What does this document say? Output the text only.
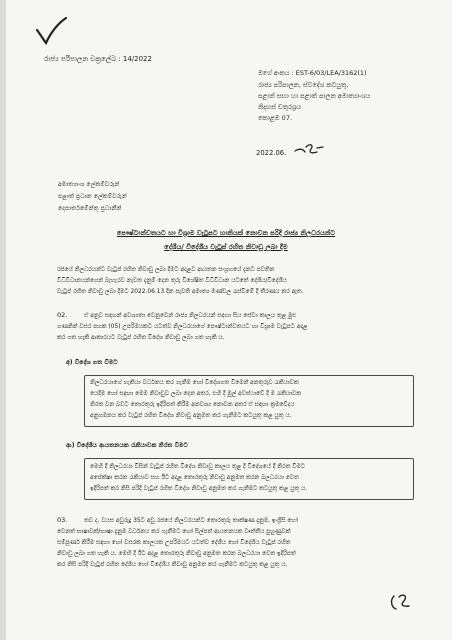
රාජ්‍ය පරිපාලන චක්‍රලේඛ : 14/2022
මගේ අංකය : EST-6/03/LEA/3162(1)
රාජ්‍ය පරිපාලන, ස්වදේශ කටයුතු,
පළාත් සභා හා පළාත් පාලන අමාත්‍යාංශය
නිදහස් චතුරශ්‍රය
කොළඹ 07.
2022.06.
අමාත්‍යාංශ ලේකම්වරුන්
පළාත් ප්‍රධාන ලේකම්වරුන්
දෙපාර්තමේන්තු ප්‍රධානීන්
පෞෂ්ටාන්වතයට හා විශ්‍රාම වැටුපට හානියක් නොවන පරිදි රාජ්‍ය නිලධරයන්ට
දේශීය/ විදේශීය වැටුප් රහිත නිවාඩු ලබා දීම
රජයේ නිලධරයන්ට වැටුප් රහිත නිවාඩු ලබා දීමට අදාළව ආයතන සංග්‍රහයේ දැනට පවතින
විධිවිධානයන්ගෙන් බැහැරව නැවත දැනුම් දෙන තුරු විශේෂිත විධිවිධාන යටතේ දේශීය/විදේශීය
වැටුප් රහිත නිවාඩු ලබා දීමට 2022.06.13 දින පැවති අමාත්‍ය මණ්ඩල රැස්වීමේ දී තීරණය කර ඇත.
02.	ඒ අනුව සඳහන් අවශ්‍යතා වෙනුවෙන් රාජ්‍ය නිලධරයන් සඳහා සිය සේවා කාලය තුළ මුළු
ගණනින් වසර පහක (05) උපරිමයකට යටත්ව නිලධරයාගේ පෞෂ්ටාන්වතයට හා විශ්‍රාම වැටුපට අදාළ
කර ගත හැකි ආකාරයට වැටුප් රහිත විදේශ නිවාඩු ලබා ගත හැකි ය.
අ) විදේශ ගත වීමට
නිලධරයාගේ හැකියා වර්ධනය කර ගැනීම හෝ විදේශගත වීමෙන් අනතුරුව රැකියාවක
යෙදීම හෝ සඳහා මෙම නිවාඩුව ලබා දෙන අතර, එහි දී මුල් අවස්ථාවේ දී ම රැකියාවක
නිරත වන බවට තොරතුරු ඉදිරිපත් කිරීම අනවශ්‍ය නොවන අතර ඒ සඳහා ක්‍රමවේදය
අනුගමනය කර වැටුප් රහිත විදේශ නිවාඩු අනුමත කර ගැනීමට කටයුතු කළ යුතු ය.
ආ) විදේශීය ආයතනයක රැකියාවක නිරත වීමට
මෙහි දී නිලධරයා විසින් වැටුප් රහිත විදේශ නිවාඩු කාලය තුළ දී විදේශයේ දී නිරත වීමට
අපේක්ෂා කරන රැකියාව සහ ඊට අදාළ තොරතුරු නිවාඩු අනුමත කරන බලධරයා වෙත
ඉදිරිපත් කර නිසි පරිදි වැටුප් රහිත විදේශ නිවාඩු අනුමත කර ගැනීමට කටයුතු කළ යුතු ය.
03.	තව ද, වයස අවුරුදු 35ට අඩු රජයේ නිලධරයන්ට තොරතුරු තාක්ෂණ දැනුම, ඉංග්‍රීසි හෝ
වෙනත් භාෂාවක්/භාෂා දැනුම වර්ධනය කර ගැනීමට හෝ සිල්පත් ආයතනයක වෘත්තීය පුහුණුවක්
සම්පූර්ණ කිරීම සඳහා හෝ වසරක කාලයක උපරිමයට යටත්ව දේශීය හෝ විදේශීය වැටුප් රහිත
නිවාඩු ලබා ගත හැකි ය. මෙහි දී ඊට අදාළ තොරතුරු නිවාඩු අනුමත කරන බලධරයා වෙත ඉදිරිපත්
කර නිසි පරිදි වැටුප් රහිත දේශීය හෝ විදේශීය නිවාඩු අනුමත කර ගැනීමට කටයුතු කළ යුතු ය.
